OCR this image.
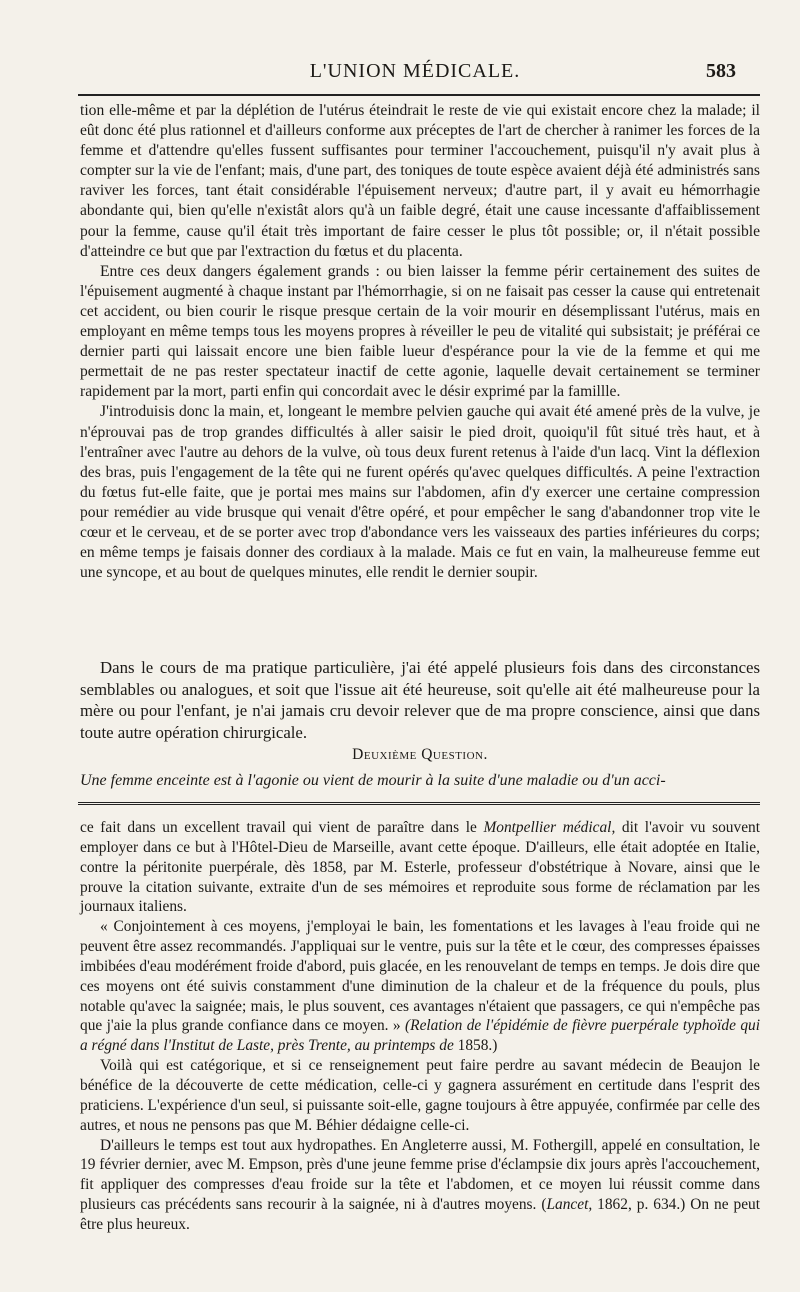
L'UNION MÉDICALE.	583

tion elle-même et par la déplétion de l'utérus éteindrait le reste de vie qui existait encore chez la malade; il eût donc été plus rationnel et d'ailleurs conforme aux préceptes de l'art de chercher à ranimer les forces de la femme et d'attendre qu'elles fussent suffisantes pour terminer l'accouchement, puisqu'il n'y avait plus à compter sur la vie de l'enfant; mais, d'une part, des toniques de toute espèce avaient déjà été administrés sans raviver les forces, tant était considérable l'épuisement nerveux; d'autre part, il y avait eu hémorrhagie abondante qui, bien qu'elle n'existât alors qu'à un faible degré, était une cause incessante d'affaiblissement pour la femme, cause qu'il était très important de faire cesser le plus tôt possible; or, il n'était possible d'atteindre ce but que par l'extraction du fœtus et du placenta.

Entre ces deux dangers également grands : ou bien laisser la femme périr certainement des suites de l'épuisement augmenté à chaque instant par l'hémorrhagie, si on ne faisait pas cesser la cause qui entretenait cet accident, ou bien courir le risque presque certain de la voir mourir en désemplissant l'utérus, mais en employant en même temps tous les moyens propres à réveiller le peu de vitalité qui subsistait; je préférai ce dernier parti qui laissait encore une bien faible lueur d'espérance pour la vie de la femme et qui me permettait de ne pas rester spectateur inactif de cette agonie, laquelle devait certainement se terminer rapidement par la mort, parti enfin qui concordait avec le désir exprimé par la famillle.

J'introduisis donc la main, et, longeant le membre pelvien gauche qui avait été amené près de la vulve, je n'éprouvai pas de trop grandes difficultés à aller saisir le pied droit, quoiqu'il fût situé très haut, et à l'entraîner avec l'autre au dehors de la vulve, où tous deux furent retenus à l'aide d'un lacq. Vint la déflexion des bras, puis l'engagement de la tête qui ne furent opérés qu'avec quelques difficultés. A peine l'extraction du fœtus fut-elle faite, que je portai mes mains sur l'abdomen, afin d'y exercer une certaine compression pour remédier au vide brusque qui venait d'être opéré, et pour empêcher le sang d'abandonner trop vite le cœur et le cerveau, et de se porter avec trop d'abondance vers les vaisseaux des parties inférieures du corps; en même temps je faisais donner des cordiaux à la malade. Mais ce fut en vain, la malheureuse femme eut une syncope, et au bout de quelques minutes, elle rendit le dernier soupir.

Dans le cours de ma pratique particulière, j'ai été appelé plusieurs fois dans des circonstances semblables ou analogues, et soit que l'issue ait été heureuse, soit qu'elle ait été malheureuse pour la mère ou pour l'enfant, je n'ai jamais cru devoir relever que de ma propre conscience, ainsi que dans toute autre opération chirurgicale.

Deuxième Question.
Une femme enceinte est à l'agonie ou vient de mourir à la suite d'une maladie ou d'un acci-

ce fait dans un excellent travail qui vient de paraître dans le Montpellier médical, dit l'avoir vu souvent employer dans ce but à l'Hôtel-Dieu de Marseille, avant cette époque. D'ailleurs, elle était adoptée en Italie, contre la péritonite puerpérale, dès 1858, par M. Esterle, professeur d'obstétrique à Novare, ainsi que le prouve la citation suivante, extraite d'un de ses mémoires et reproduite sous forme de réclamation par les journaux italiens.

« Conjointement à ces moyens, j'employai le bain, les fomentations et les lavages à l'eau froide qui ne peuvent être assez recommandés. J'appliquai sur le ventre, puis sur la tête et le cœur, des compresses épaisses imbibées d'eau modérément froide d'abord, puis glacée, en les renouvelant de temps en temps. Je dois dire que ces moyens ont été suivis constamment d'une diminution de la chaleur et de la fréquence du pouls, plus notable qu'avec la saignée; mais, le plus souvent, ces avantages n'étaient que passagers, ce qui n'empêche pas que j'aie la plus grande confiance dans ce moyen. » (Relation de l'épidémie de fièvre puerpérale typhoïde qui a régné dans l'Institut de Laste, près Trente, au printemps de 1858.)

Voilà qui est catégorique, et si ce renseignement peut faire perdre au savant médecin de Beaujon le bénéfice de la découverte de cette médication, celle-ci y gagnera assurément en certitude dans l'esprit des praticiens. L'expérience d'un seul, si puissante soit-elle, gagne toujours à être appuyée, confirmée par celle des autres, et nous ne pensons pas que M. Béhier dédaigne celle-ci.

D'ailleurs le temps est tout aux hydropathes. En Angleterre aussi, M. Fothergill, appelé en consultation, le 19 février dernier, avec M. Empson, près d'une jeune femme prise d'éclampsie dix jours après l'accouchement, fit appliquer des compresses d'eau froide sur la tête et l'abdomen, et ce moyen lui réussit comme dans plusieurs cas précédents sans recourir à la saignée, ni à d'autres moyens. (Lancet, 1862, p. 634.) On ne peut être plus heureux.
